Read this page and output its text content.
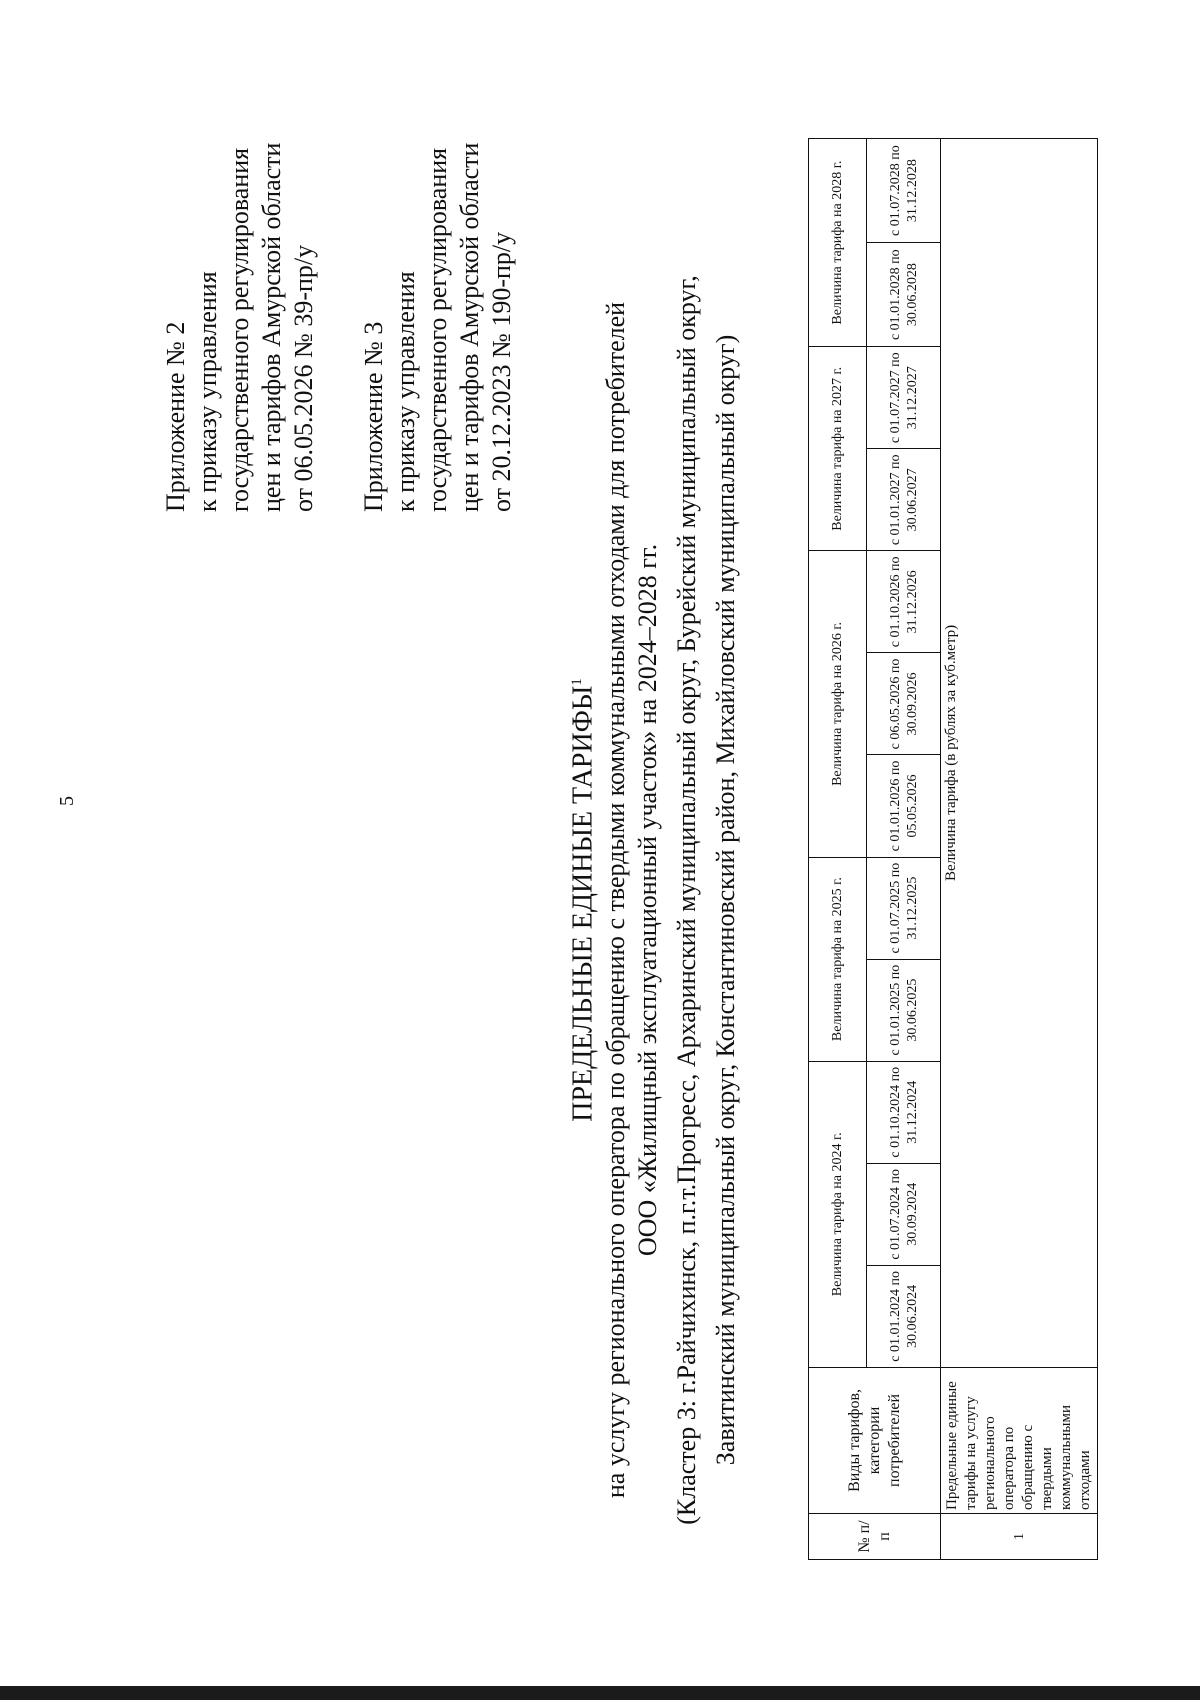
5
Приложение № 2 к приказу управления государственного регулирования цен и тарифов Амурской области от 06.05.2026 № 39-пр/у Приложение № 3 к приказу управления государственного регулирования цен и тарифов Амурской области от 20.12.2023 № 190-пр/у
ПРЕДЕЛЬНЫЕ ЕДИНЫЕ ТАРИФЫ$^1$ на услугу регионального оператора по обращению с твердыми коммунальными отходами для потребителей ООО «Жилищный эксплуатационный участок» на 2024–2028 гг. (Кластер 3: г.Райчихинск, п.г.т.Прогресс, Архаринский муниципальный округ, Бурейский муниципальный округ, Завитинский муниципальный округ, Константиновский район, Михайловский муниципальный округ)
№ п/п	Виды тарифов, категории потребителей	Величина тарифа на 2024 г.			Величина тарифа на 2025 г.		Величина тарифа на 2026 г.			Величина тарифа на 2027 г.		Величина тарифа на 2028 г.	
		с 01.01.2024 по 30.06.2024	с 01.07.2024 по 30.09.2024	с 01.10.2024 по 31.12.2024	с 01.01.2025 по 30.06.2025	с 01.07.2025 по 31.12.2025	с 01.01.2026 по 05.05.2026	с 06.05.2026 по 30.09.2026	с 01.10.2026 по 31.12.2026	с 01.01.2027 по 30.06.2027	с 01.07.2027 по 31.12.2027	с 01.01.2028 по 30.06.2028	с 01.07.2028 по 31.12.2028
1	Предельные единые тарифы на услугу регионального оператора по обращению с твердыми коммунальными отходами	Величина тарифа (в рублях за куб.метр)											
